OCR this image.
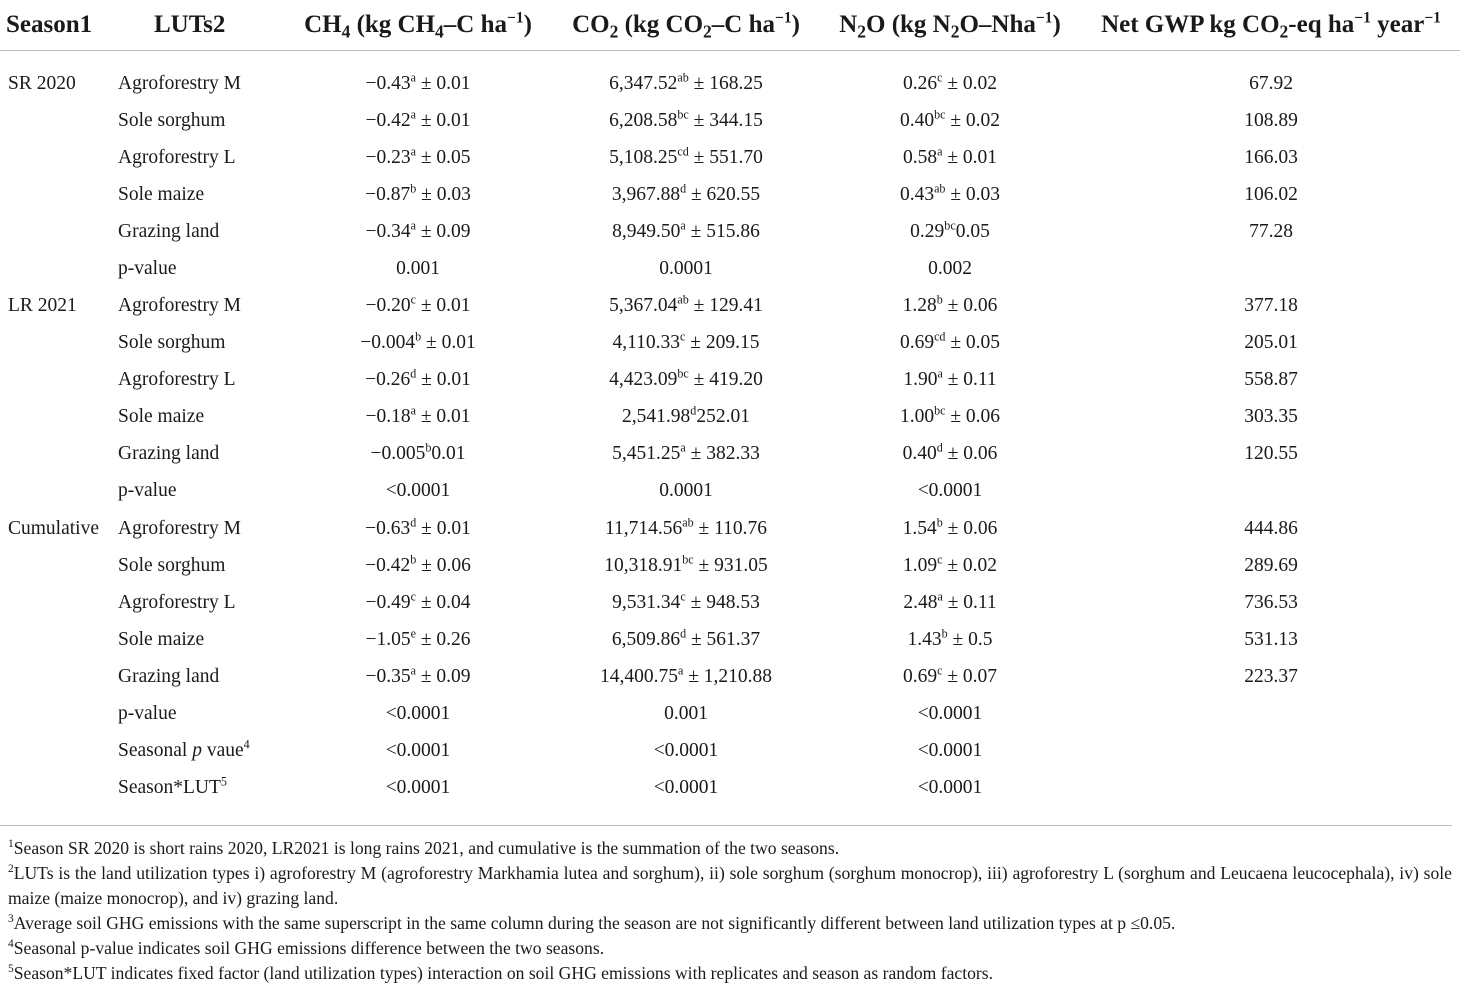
Season1	LUTs2	$CH_4$ (kg $CH_4-C$ $ha^{-1}$)	$CO_2$ (kg $CO_2-C$ $ha^{-1}$)	$N_2O$ (kg $N_2O-Nha^{-1}$)	Net GWP kg $CO_2-eq$ $ha^{-1}$ year$^{-1}$
SR 2020	Agroforestry M	−0.43$^a$ ± 0.01	6,347.52$^{ab}$ ± 168.25	0.26$^c$ ± 0.02	67.92
	Sole sorghum	−0.42$^a$ ± 0.01	6,208.58$^{bc}$ ± 344.15	0.40$^{bc}$ ± 0.02	108.89
	Agroforestry L	−0.23$^a$ ± 0.05	5,108.25$^{cd}$ ± 551.70	0.58$^a$ ± 0.01	166.03
	Sole maize	−0.87$^b$ ± 0.03	3,967.88$^d$ ± 620.55	0.43$^{ab}$ ± 0.03	106.02
	Grazing land	−0.34$^a$ ± 0.09	8,949.50$^a$ ± 515.86	0.29$^{bc}$0.05	77.28
	p-value	0.001	0.0001	0.002	
LR 2021	Agroforestry M	−0.20$^c$ ± 0.01	5,367.04$^{ab}$ ± 129.41	1.28$^b$ ± 0.06	377.18
	Sole sorghum	−0.004$^b$ ± 0.01	4,110.33$^c$ ± 209.15	0.69$^{cd}$ ± 0.05	205.01
	Agroforestry L	−0.26$^d$ ± 0.01	4,423.09$^{bc}$ ± 419.20	1.90$^a$ ± 0.11	558.87
	Sole maize	−0.18$^a$ ± 0.01	2,541.98$^d$252.01	1.00$^{bc}$ ± 0.06	303.35
	Grazing land	−0.005$^b$0.01	5,451.25$^a$ ± 382.33	0.40$^d$ ± 0.06	120.55
	p-value	<0.0001	0.0001	<0.0001	
Cumulative	Agroforestry M	−0.63$^d$ ± 0.01	11,714.56$^{ab}$ ± 110.76	1.54$^b$ ± 0.06	444.86
	Sole sorghum	−0.42$^b$ ± 0.06	10,318.91$^{bc}$ ± 931.05	1.09$^c$ ± 0.02	289.69
	Agroforestry L	−0.49$^c$ ± 0.04	9,531.34$^c$ ± 948.53	2.48$^a$ ± 0.11	736.53
	Sole maize	−1.05$^e$ ± 0.26	6,509.86$^d$ ± 561.37	1.43$^b$ ± 0.5	531.13
	Grazing land	−0.35$^a$ ± 0.09	14,400.75$^a$ ± 1,210.88	0.69$^c$ ± 0.07	223.37
	p-value	<0.0001	0.001	<0.0001	
	Seasonal p vaue$^4$	<0.0001	<0.0001	<0.0001	
	$Season*LUT^5$	<0.0001	<0.0001	<0.0001	

$^1$Season SR 2020 is short rains 2020, LR2021 is long rains 2021, and cumulative is the summation of the two seasons.

$^2$LUTs is the land utilization types i) agroforestry M (agroforestry Markhamia lutea and sorghum), ii) sole sorghum (sorghum monocrop), iii) agroforestry L (sorghum and Leucaena leucocephala), iv) sole maize (maize monocrop), and iv) grazing land.

$^3$Average soil GHG emissions with the same superscript in the same column during the season are not significantly different between land utilization types at p ≤0.05.

$^4$Seasonal p-value indicates soil GHG emissions difference between the two seasons.

$^5$Season*LUT indicates fixed factor (land utilization types) interaction on soil GHG emissions with replicates and season as random factors.
